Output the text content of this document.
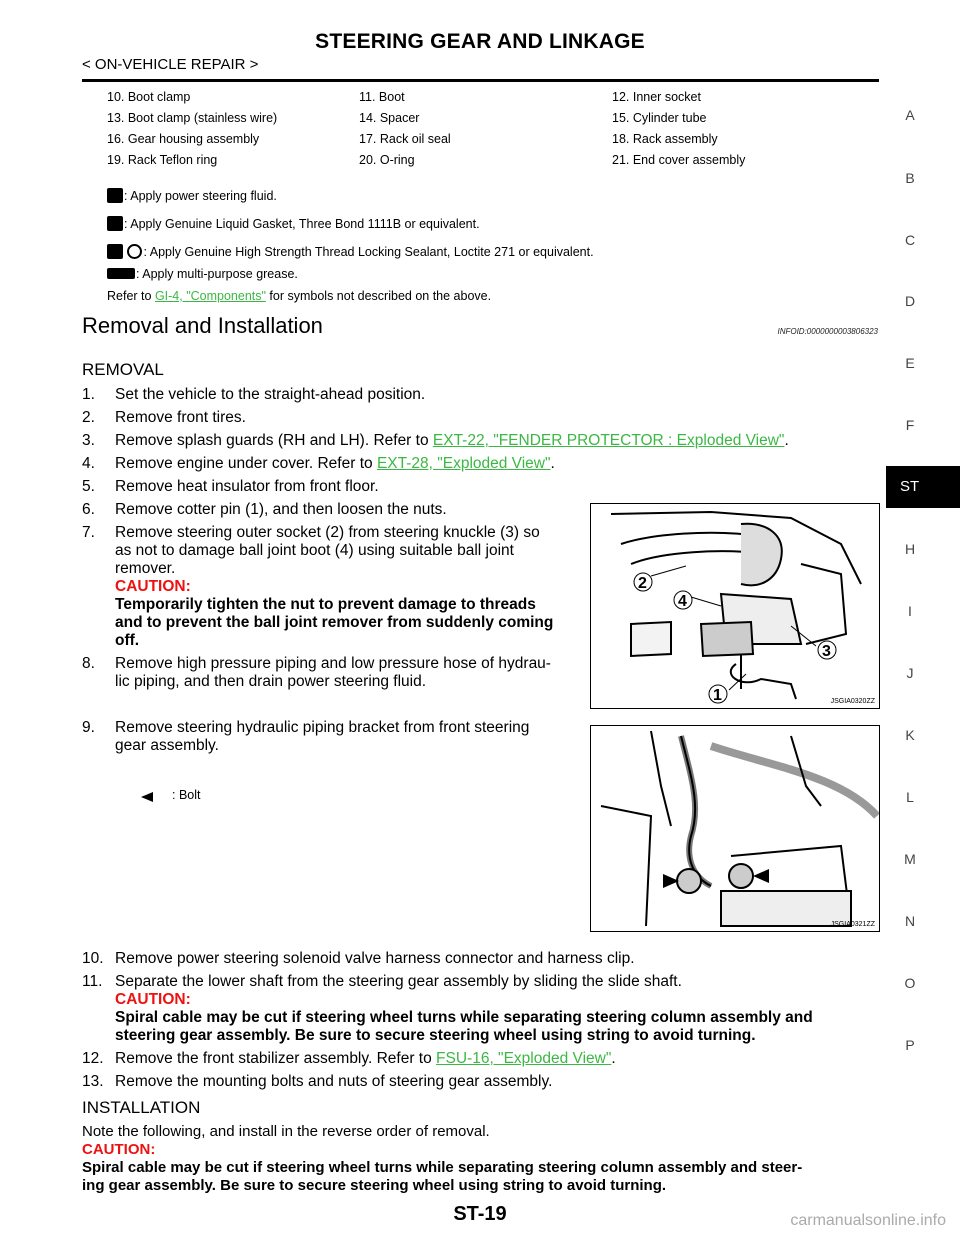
STEERING GEAR AND LINKAGE
< ON-VEHICLE REPAIR >
10. Boot clamp	11. Boot	12. Inner socket
13. Boot clamp (stainless wire)	14. Spacer	15. Cylinder tube
16. Gear housing assembly	17. Rack oil seal	18. Rack assembly
19. Rack Teflon ring	20. O-ring	21. End cover assembly
: Apply power steering fluid.
: Apply Genuine Liquid Gasket, Three Bond 1111B or equivalent.
: Apply Genuine High Strength Thread Locking Sealant, Loctite 271 or equivalent.
: Apply multi-purpose grease.
Refer to GI-4, "Components" for symbols not described on the above.
Removal and Installation	INFOID:0000000003806323
REMOVAL
1. Set the vehicle to the straight-ahead position.
2. Remove front tires.
3. Remove splash guards (RH and LH). Refer to EXT-22, "FENDER PROTECTOR : Exploded View".
4. Remove engine under cover. Refer to EXT-28, "Exploded View".
5. Remove heat insulator from front floor.
6. Remove cotter pin (1), and then loosen the nuts.
7. Remove steering outer socket (2) from steering knuckle (3) so
as not to damage ball joint boot (4) using suitable ball joint
remover.
CAUTION:
Temporarily tighten the nut to prevent damage to threads
and to prevent the ball joint remover from suddenly coming
off.
8. Remove high pressure piping and low pressure hose of hydrau-
lic piping, and then drain power steering fluid.
9. Remove steering hydraulic piping bracket from front steering
gear assembly.
10. Remove power steering solenoid valve harness connector and harness clip.
11. Separate the lower shaft from the steering gear assembly by sliding the slide shaft.
CAUTION:
Spiral cable may be cut if steering wheel turns while separating steering column assembly and
steering gear assembly. Be sure to secure steering wheel using string to avoid turning.
12. Remove the front stabilizer assembly. Refer to FSU-16, "Exploded View".
13. Remove the mounting bolts and nuts of steering gear assembly.
INSTALLATION
Note the following, and install in the reverse order of removal.
CAUTION:
Spiral cable may be cut if steering wheel turns while separating steering column assembly and steer-
ing gear assembly. Be sure to secure steering wheel using string to avoid turning.
2
4
3
1	JSGIA0320ZZ
JSGIA0321ZZ
: Bolt
A
B
C
D
E
F
ST
H
I
J
K
L
M
N
O
P
ST-19	carmanualsonline.info
